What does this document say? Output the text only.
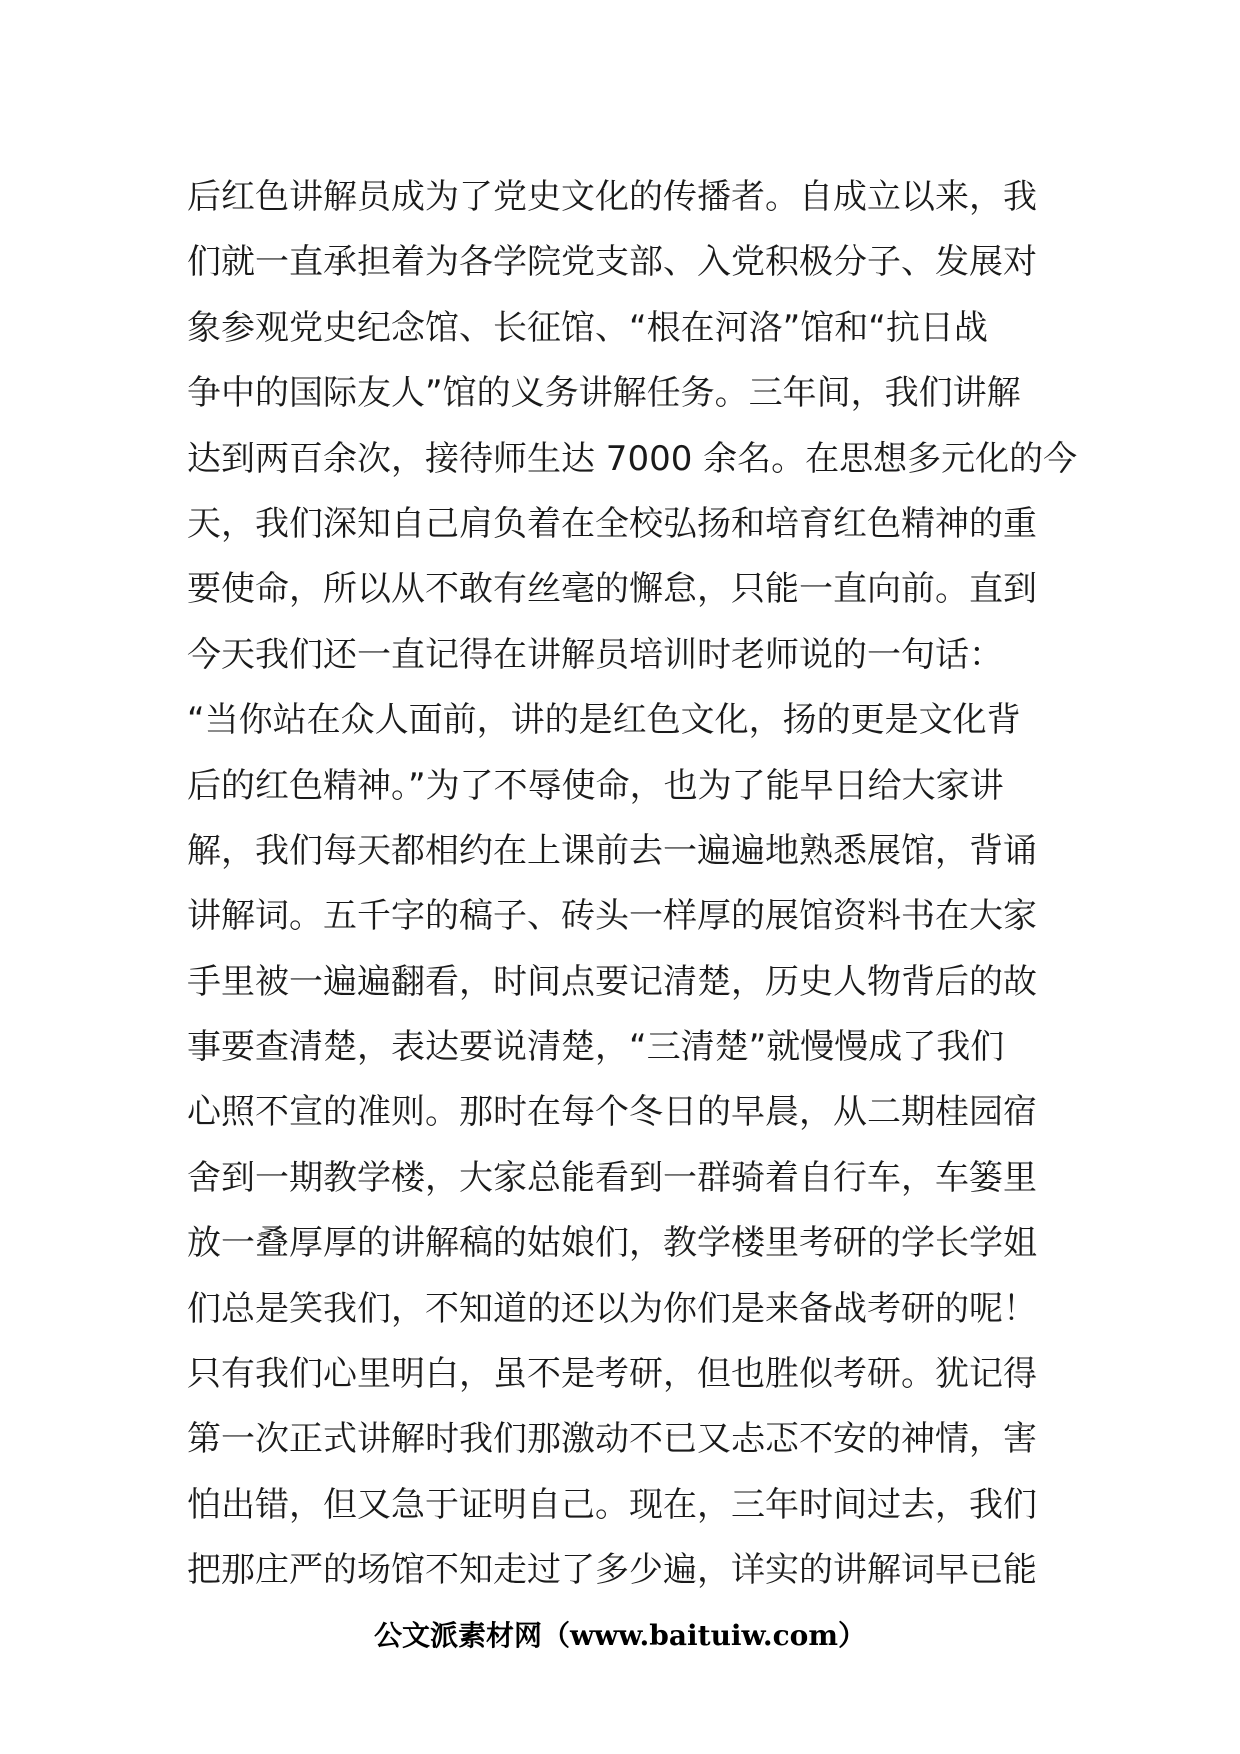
后红色讲解员成为了党史文化的传播者。自成立以来，我
们就一直承担着为各学院党支部、入党积极分子、发展对
象参观党史纪念馆、长征馆、“根在河洛”馆和“抗日战
争中的国际友人”馆的义务讲解任务。三年间，我们讲解
达到两百余次，接待师生达 7000 余名。在思想多元化的今
天，我们深知自己肩负着在全校弘扬和培育红色精神的重
要使命，所以从不敢有丝毫的懈怠，只能一直向前。直到
今天我们还一直记得在讲解员培训时老师说的一句话：
“当你站在众人面前，讲的是红色文化，扬的更是文化背
后的红色精神。”为了不辱使命，也为了能早日给大家讲
解，我们每天都相约在上课前去一遍遍地熟悉展馆，背诵
讲解词。五千字的稿子、砖头一样厚的展馆资料书在大家
手里被一遍遍翻看，时间点要记清楚，历史人物背后的故
事要查清楚，表达要说清楚，“三清楚”就慢慢成了我们
心照不宣的准则。那时在每个冬日的早晨，从二期桂园宿
舍到一期教学楼，大家总能看到一群骑着自行车，车篓里
放一叠厚厚的讲解稿的姑娘们，教学楼里考研的学长学姐
们总是笑我们，不知道的还以为你们是来备战考研的呢！
只有我们心里明白，虽不是考研，但也胜似考研。犹记得
第一次正式讲解时我们那激动不已又忐忑不安的神情，害
怕出错，但又急于证明自己。现在，三年时间过去，我们
把那庄严的场馆不知走过了多少遍，详实的讲解词早已能
公文派素材网（www.baituiw.com）
